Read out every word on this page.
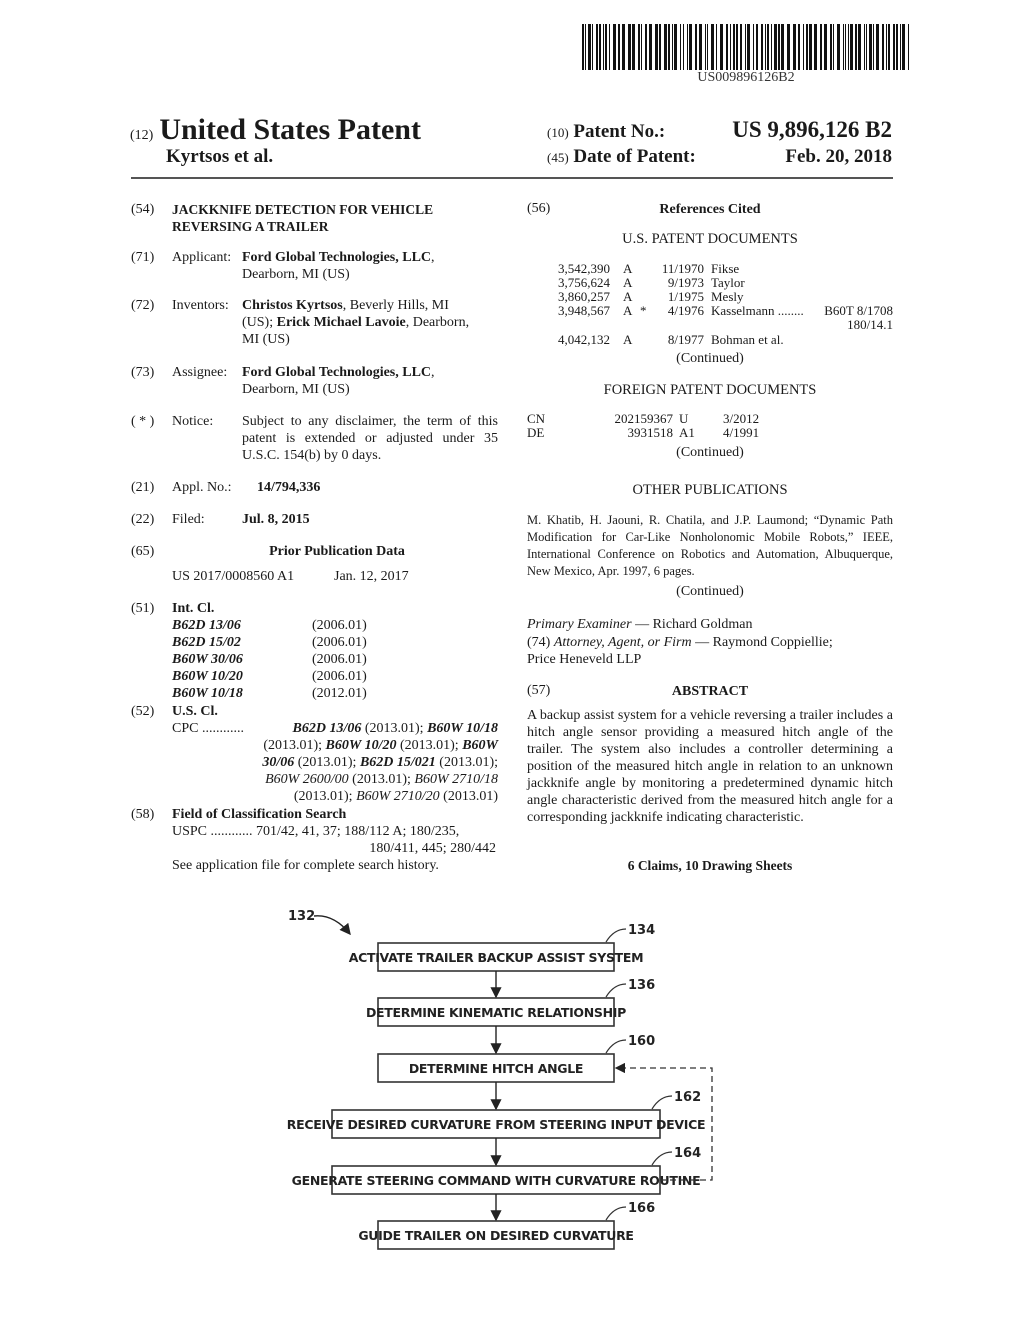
US009896126B2
(12) United States Patent
Kyrtsos et al.
(10) Patent No.:	US 9,896,126 B2
(45) Date of Patent:	Feb. 20, 2018
(54) JACKKNIFE DETECTION FOR VEHICLE
REVERSING A TRAILER
(71) Applicant: Ford Global Technologies, LLC,
Dearborn, MI (US)
(72) Inventors: Christos Kyrtsos, Beverly Hills, MI
(US); Erick Michael Lavoie, Dearborn,
MI (US)
(73) Assignee: Ford Global Technologies, LLC,
Dearborn, MI (US)
( * ) Notice: Subject to any disclaimer, the term of this patent is extended or adjusted under 35 U.S.C. 154(b) by 0 days.
(21) Appl. No.: 14/794,336
(22) Filed:	Jul. 8, 2015
(65)	Prior Publication Data
US 2017/0008560 A1	Jan. 12, 2017
(51) Int. Cl.
B62D 13/06	(2006.01)
B62D 15/02	(2006.01)
B60W 30/06	(2006.01)
B60W 10/20	(2006.01)
B60W 10/18	(2012.01)
(52) U.S. Cl.
CPC ............	B62D 13/06 (2013.01); B60W 10/18
(2013.01); B60W 10/20 (2013.01); B60W
30/06 (2013.01); B62D 15/021 (2013.01);
B60W 2600/00 (2013.01); B60W 2710/18
(2013.01); B60W 2710/20 (2013.01)
(58) Field of Classification Search
USPC ............ 701/42, 41, 37; 188/112 A; 180/235,
180/411, 445; 280/442
See application file for complete search history.
(56)	References Cited
U.S. PATENT DOCUMENTS
3,542,390 A	11/1970 Fikse
3,756,624 A	9/1973 Taylor
3,860,257 A	1/1975 Mesly
3,948,567 A *	4/1976 Kasselmann ........ B60T 8/1708
180/14.1
4,042,132 A	8/1977 Bohman et al.
(Continued)
FOREIGN PATENT DOCUMENTS
CN	202159367 U	3/2012
DE	3931518 A1 4/1991
(Continued)
OTHER PUBLICATIONS
M. Khatib, H. Jaouni, R. Chatila, and J.P. Laumond; “Dynamic Path Modification for Car-Like Nonholonomic Mobile Robots,” IEEE, International Conference on Robotics and Automation, Albuquerque, New Mexico, Apr. 1997, 6 pages.
(Continued)
Primary Examiner — Richard Goldman
(74) Attorney, Agent, or Firm — Raymond Coppiellie;
Price Heneveld LLP
(57)	ABSTRACT
A backup assist system for a vehicle reversing a trailer includes a hitch angle sensor providing a measured hitch angle of the trailer. The system also includes a controller determining a position of the measured hitch angle in relation to an unknown jackknife angle by monitoring a predetermined dynamic hitch angle characteristic derived from the measured hitch angle for a corresponding jackknife indicating characteristic.
6 Claims, 10 Drawing Sheets
ACTIVATE TRAILER BACKUP ASSIST SYSTEM
134
DETERMINE KINEMATIC RELATIONSHIP
136
DETERMINE HITCH ANGLE
160
RECEIVE DESIRED CURVATURE FROM STEERING INPUT DEVICE
162
GENERATE STEERING COMMAND WITH CURVATURE ROUTINE
164
GUIDE TRAILER ON DESIRED CURVATURE
166
132
